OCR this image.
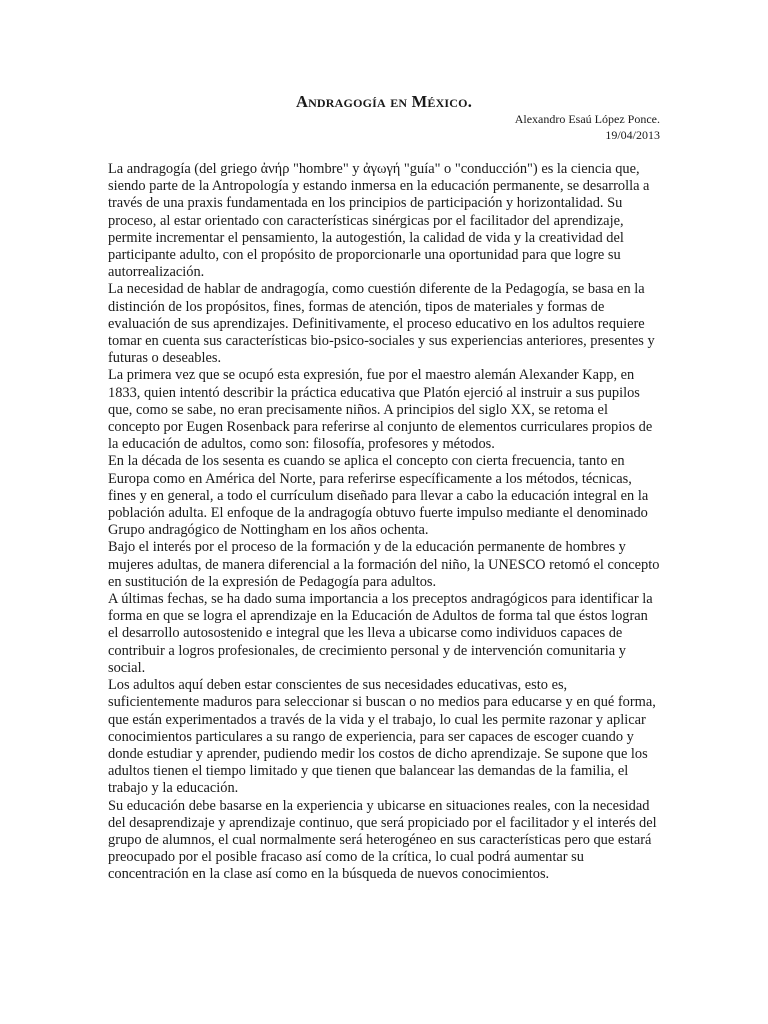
Andragogía en México.
Alexandro Esaú López Ponce.
19/04/2013

La andragogía (del griego ἀνήρ "hombre" y ἀγωγή "guía" o "conducción") es la ciencia que, siendo parte de la Antropología y estando inmersa en la educación permanente, se desarrolla a través de una praxis fundamentada en los principios de participación y horizontalidad. Su proceso, al estar orientado con características sinérgicas por el facilitador del aprendizaje, permite incrementar el pensamiento, la autogestión, la calidad de vida y la creatividad del participante adulto, con el propósito de proporcionarle una oportunidad para que logre su autorrealización.

La necesidad de hablar de andragogía, como cuestión diferente de la Pedagogía, se basa en la distinción de los propósitos, fines, formas de atención, tipos de materiales y formas de evaluación de sus aprendizajes. Definitivamente, el proceso educativo en los adultos requiere tomar en cuenta sus características bio-psico-sociales y sus experiencias anteriores, presentes y futuras o deseables.

La primera vez que se ocupó esta expresión, fue por el maestro alemán Alexander Kapp, en 1833, quien intentó describir la práctica educativa que Platón ejerció al instruir a sus pupilos que, como se sabe, no eran precisamente niños. A principios del siglo XX, se retoma el concepto por Eugen Rosenback para referirse al conjunto de elementos curriculares propios de la educación de adultos, como son: filosofía, profesores y métodos.

En la década de los sesenta es cuando se aplica el concepto con cierta frecuencia, tanto en Europa como en América del Norte, para referirse específicamente a los métodos, técnicas, fines y en general, a todo el currículum diseñado para llevar a cabo la educación integral en la población adulta. El enfoque de la andragogía obtuvo fuerte impulso mediante el denominado Grupo andragógico de Nottingham en los años ochenta.

Bajo el interés por el proceso de la formación y de la educación permanente de hombres y mujeres adultas, de manera diferencial a la formación del niño, la UNESCO retomó el concepto en sustitución de la expresión de Pedagogía para adultos.

A últimas fechas, se ha dado suma importancia a los preceptos andragógicos para identificar la forma en que se logra el aprendizaje en la Educación de Adultos de forma tal que éstos logran el desarrollo autosostenido e integral que les lleva a ubicarse como individuos capaces de contribuir a logros profesionales, de crecimiento personal y de intervención comunitaria y social.

Los adultos aquí deben estar conscientes de sus necesidades educativas, esto es, suficientemente maduros para seleccionar si buscan o no medios para educarse y en qué forma, que están experimentados a través de la vida y el trabajo, lo cual les permite razonar y aplicar conocimientos particulares a su rango de experiencia, para ser capaces de escoger cuando y donde estudiar y aprender, pudiendo medir los costos de dicho aprendizaje. Se supone que los adultos tienen el tiempo limitado y que tienen que balancear las demandas de la familia, el trabajo y la educación.

Su educación debe basarse en la experiencia y ubicarse en situaciones reales, con la necesidad del desaprendizaje y aprendizaje continuo, que será propiciado por el facilitador y el interés del grupo de alumnos, el cual normalmente será heterogéneo en sus características pero que estará preocupado por el posible fracaso así como de la crítica, lo cual podrá aumentar su concentración en la clase así como en la búsqueda de nuevos conocimientos.
